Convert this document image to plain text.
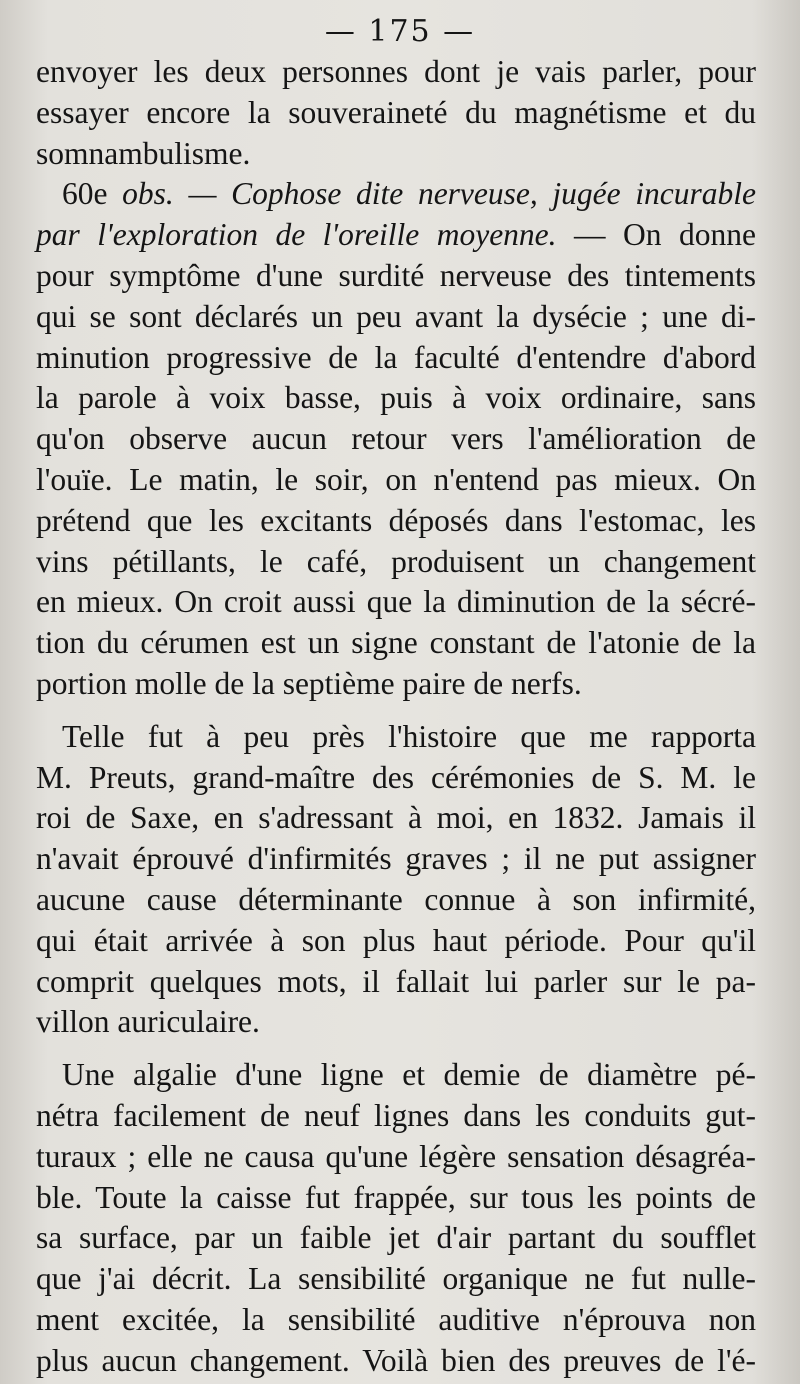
— 175 —
envoyer les deux personnes dont je vais parler, pour
essayer encore la souveraineté du magnétisme et du
somnambulisme.
60e obs. — Cophose dite nerveuse, jugée incurable
par l'exploration de l'oreille moyenne. — On donne
pour symptôme d'une surdité nerveuse des tintements
qui se sont déclarés un peu avant la dysécie ; une di-
minution progressive de la faculté d'entendre d'abord
la parole à voix basse, puis à voix ordinaire, sans
qu'on observe aucun retour vers l'amélioration de
l'ouïe. Le matin, le soir, on n'entend pas mieux. On
prétend que les excitants déposés dans l'estomac, les
vins pétillants, le café, produisent un changement
en mieux. On croit aussi que la diminution de la sécré-
tion du cérumen est un signe constant de l'atonie de la
portion molle de la septième paire de nerfs.
Telle fut à peu près l'histoire que me rapporta
M. Preuts, grand-maître des cérémonies de S. M. le
roi de Saxe, en s'adressant à moi, en 1832. Jamais il
n'avait éprouvé d'infirmités graves ; il ne put assigner
aucune cause déterminante connue à son infirmité,
qui était arrivée à son plus haut période. Pour qu'il
comprit quelques mots, il fallait lui parler sur le pa-
villon auriculaire.
Une algalie d'une ligne et demie de diamètre pé-
nétra facilement de neuf lignes dans les conduits gut-
turaux ; elle ne causa qu'une légère sensation désagréa-
ble. Toute la caisse fut frappée, sur tous les points de
sa surface, par un faible jet d'air partant du soufflet
que j'ai décrit. La sensibilité organique ne fut nulle-
ment excitée, la sensibilité auditive n'éprouva non
plus aucun changement. Voilà bien des preuves de l'é-
